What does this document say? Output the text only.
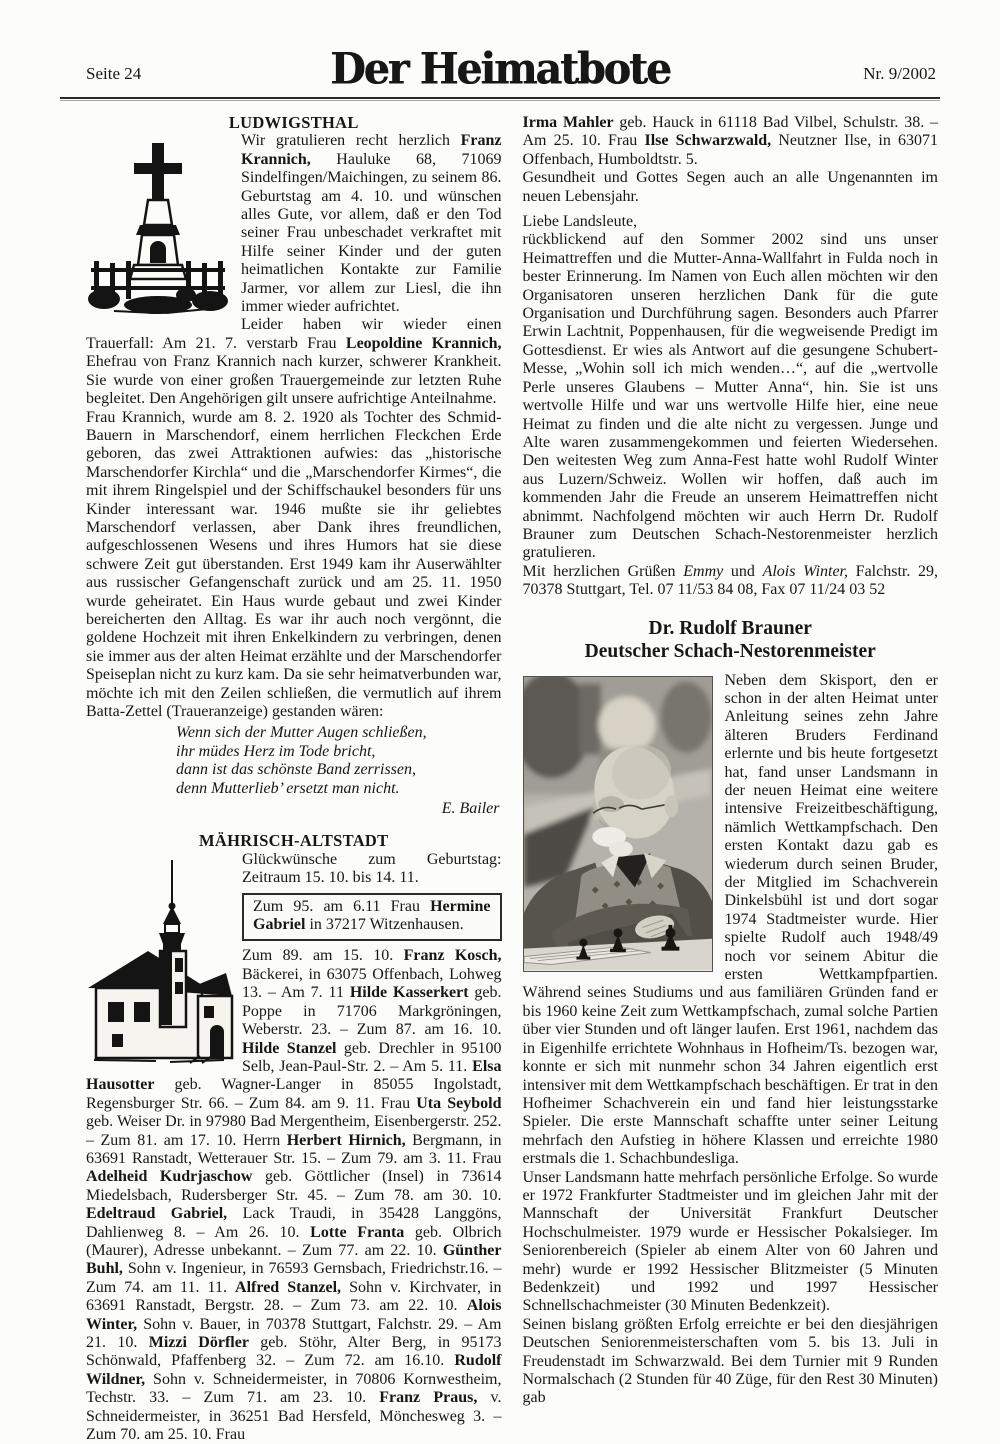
Seite 24	Der Heimatbote	Nr. 9/2002
LUDWIGSTHAL

Wir gratulieren recht herzlich Franz Krannich, Hauluke 68, 71069 Sindelfingen/Maichingen, zu seinem 86. Geburtstag am 4. 10. und wünschen alles Gute, vor allem, daß er den Tod seiner Frau unbeschadet verkraftet mit Hilfe seiner Kinder und der guten heimatlichen Kontakte zur Familie Jarmer, vor allem zur Liesl, die ihn immer wieder aufrichtet.

Leider haben wir wieder einen Trauerfall: Am 21. 7. verstarb Frau Leopoldine Krannich, Ehefrau von Franz Krannich nach kurzer, schwerer Krankheit. Sie wurde von einer großen Trauergemeinde zur letzten Ruhe begleitet. Den Angehörigen gilt unsere aufrichtige Anteilnahme.

Frau Krannich, wurde am 8. 2. 1920 als Tochter des Schmid-Bauern in Marschendorf, einem herrlichen Fleckchen Erde geboren, das zwei Attraktionen aufwies: das „historische Marschendorfer Kirchla“ und die „Marschendorfer Kirmes“, die mit ihrem Ringelspiel und der Schiffschaukel besonders für uns Kinder interessant war. 1946 mußte sie ihr geliebtes Marschendorf verlassen, aber Dank ihres freundlichen, aufgeschlossenen Wesens und ihres Humors hat sie diese schwere Zeit gut überstanden. Erst 1949 kam ihr Auserwählter aus russischer Gefangenschaft zurück und am 25. 11. 1950 wurde geheiratet. Ein Haus wurde gebaut und zwei Kinder bereicherten den Alltag. Es war ihr auch noch vergönnt, die goldene Hochzeit mit ihren Enkelkindern zu verbringen, denen sie immer aus der alten Heimat erzählte und der Marschendorfer Speiseplan nicht zu kurz kam. Da sie sehr heimatverbunden war, möchte ich mit den Zeilen schließen, die vermutlich auf ihrem Batta-Zettel (Traueranzeige) gestanden wären:

Wenn sich der Mutter Augen schließen,
ihr müdes Herz im Tode bricht,
dann ist das schönste Band zerrissen,
denn Mutterlieb’ ersetzt man nicht.
E. Bailer
MÄHRISCH-ALTSTADT

Glückwünsche zum Geburtstag: Zeitraum 15. 10. bis 14. 11.

Zum 95. am 6.11 Frau Hermine Gabriel in 37217 Witzenhausen.

Zum 89. am 15. 10. Franz Kosch, Bäckerei, in 63075 Offenbach, Lohweg 13. – Am 7. 11 Hilde Kasserkert geb. Poppe in 71706 Markgröningen, Weberstr. 23. – Zum 87. am 16. 10. Hilde Stanzel geb. Drechler in 95100 Selb, Jean-Paul-Str. 2. – Am 5. 11. Elsa Hausotter geb. Wagner-Langer in 85055 Ingolstadt, Regensburger Str. 66. – Zum 84. am 9. 11. Frau Uta Seybold geb. Weiser Dr. in 97980 Bad Mergentheim, Eisenbergerstr. 252. – Zum 81. am 17. 10. Herrn Herbert Hirnich, Bergmann, in 63691 Ranstadt, Wetterauer Str. 15. – Zum 79. am 3. 11. Frau Adelheid Kudrjaschow geb. Göttlicher (Insel) in 73614 Miedelsbach, Rudersberger Str. 45. – Zum 78. am 30. 10. Edeltraud Gabriel, Lack Traudi, in 35428 Langgöns, Dahlienweg 8. – Am 26. 10. Lotte Franta geb. Olbrich (Maurer), Adresse unbekannt. – Zum 77. am 22. 10. Günther Buhl, Sohn v. Ingenieur, in 76593 Gernsbach, Friedrichstr.16. – Zum 74. am 11. 11. Alfred Stanzel, Sohn v. Kirchvater, in 63691 Ranstadt, Bergstr. 28. – Zum 73. am 22. 10. Alois Winter, Sohn v. Bauer, in 70378 Stuttgart, Falchstr. 29. – Am 21. 10. Mizzi Dörfler geb. Stöhr, Alter Berg, in 95173 Schönwald, Pfaffenberg 32. – Zum 72. am 16.10. Rudolf Wildner, Sohn v. Schneidermeister, in 70806 Kornwestheim, Techstr. 33. – Zum 71. am 23. 10. Franz Praus, v. Schneidermeister, in 36251 Bad Hersfeld, Mönchesweg 3. – Zum 70. am 25. 10. Frau

Irma Mahler geb. Hauck in 61118 Bad Vilbel, Schulstr. 38. – Am 25. 10. Frau Ilse Schwarzwald, Neutzner Ilse, in 63071 Offenbach, Humboldtstr. 5.

Gesundheit und Gottes Segen auch an alle Ungenannten im neuen Lebensjahr.

Liebe Landsleute,

rückblickend auf den Sommer 2002 sind uns unser Heimattreffen und die Mutter-Anna-Wallfahrt in Fulda noch in bester Erinnerung. Im Namen von Euch allen möchten wir den Organisatoren unseren herzlichen Dank für die gute Organisation und Durchführung sagen. Besonders auch Pfarrer Erwin Lachtnit, Poppenhausen, für die wegweisende Predigt im Gottesdienst. Er wies als Antwort auf die gesungene Schubert-Messe, „Wohin soll ich mich wenden…“, auf die „wertvolle Perle unseres Glaubens – Mutter Anna“, hin. Sie ist uns wertvolle Hilfe und war uns wertvolle Hilfe hier, eine neue Heimat zu finden und die alte nicht zu vergessen. Junge und Alte waren zusammengekommen und feierten Wiedersehen. Den weitesten Weg zum Anna-Fest hatte wohl Rudolf Winter aus Luzern/Schweiz. Wollen wir hoffen, daß auch im kommenden Jahr die Freude an unserem Heimattreffen nicht abnimmt. Nachfolgend möchten wir auch Herrn Dr. Rudolf Brauner zum Deutschen Schach-Nestorenmeister herzlich gratulieren.

Mit herzlichen Grüßen Emmy und Alois Winter, Falchstr. 29, 70378 Stuttgart, Tel. 07 11/53 84 08, Fax 07 11/24 03 52

Dr. Rudolf Brauner
Deutscher Schach-Nestorenmeister

Neben dem Skisport, den er schon in der alten Heimat unter Anleitung seines zehn Jahre älteren Bruders Ferdinand erlernte und bis heute fortgesetzt hat, fand unser Landsmann in der neuen Heimat eine weitere intensive Freizeitbeschäftigung, nämlich Wettkampfschach. Den ersten Kontakt dazu gab es wiederum durch seinen Bruder, der Mitglied im Schachverein Dinkelsbühl ist und dort sogar 1974 Stadtmeister wurde. Hier spielte Rudolf auch 1948/49 noch vor seinem Abitur die ersten Wettkampfpartien. Während seines Studiums und aus familiären Gründen fand er bis 1960 keine Zeit zum Wettkampfschach, zumal solche Partien über vier Stunden und oft länger laufen. Erst 1961, nachdem das in Eigenhilfe errichtete Wohnhaus in Hofheim/Ts. bezogen war, konnte er sich mit nunmehr schon 34 Jahren eigentlich erst intensiver mit dem Wettkampfschach beschäftigen. Er trat in den Hofheimer Schachverein ein und fand hier leistungsstarke Spieler. Die erste Mannschaft schaffte unter seiner Leitung mehrfach den Aufstieg in höhere Klassen und erreichte 1980 erstmals die 1. Schachbundesliga.

Unser Landsmann hatte mehrfach persönliche Erfolge. So wurde er 1972 Frankfurter Stadtmeister und im gleichen Jahr mit der Mannschaft der Universität Frankfurt Deutscher Hochschulmeister. 1979 wurde er Hessischer Pokalsieger. Im Seniorenbereich (Spieler ab einem Alter von 60 Jahren und mehr) wurde er 1992 Hessischer Blitzmeister (5 Minuten Bedenkzeit) und 1992 und 1997 Hessischer Schnellschachmeister (30 Minuten Bedenkzeit).

Seinen bislang größten Erfolg erreichte er bei den diesjährigen Deutschen Seniorenmeisterschaften vom 5. bis 13. Juli in Freudenstadt im Schwarzwald. Bei dem Turnier mit 9 Runden Normalschach (2 Stunden für 40 Züge, für den Rest 30 Minuten) gab
